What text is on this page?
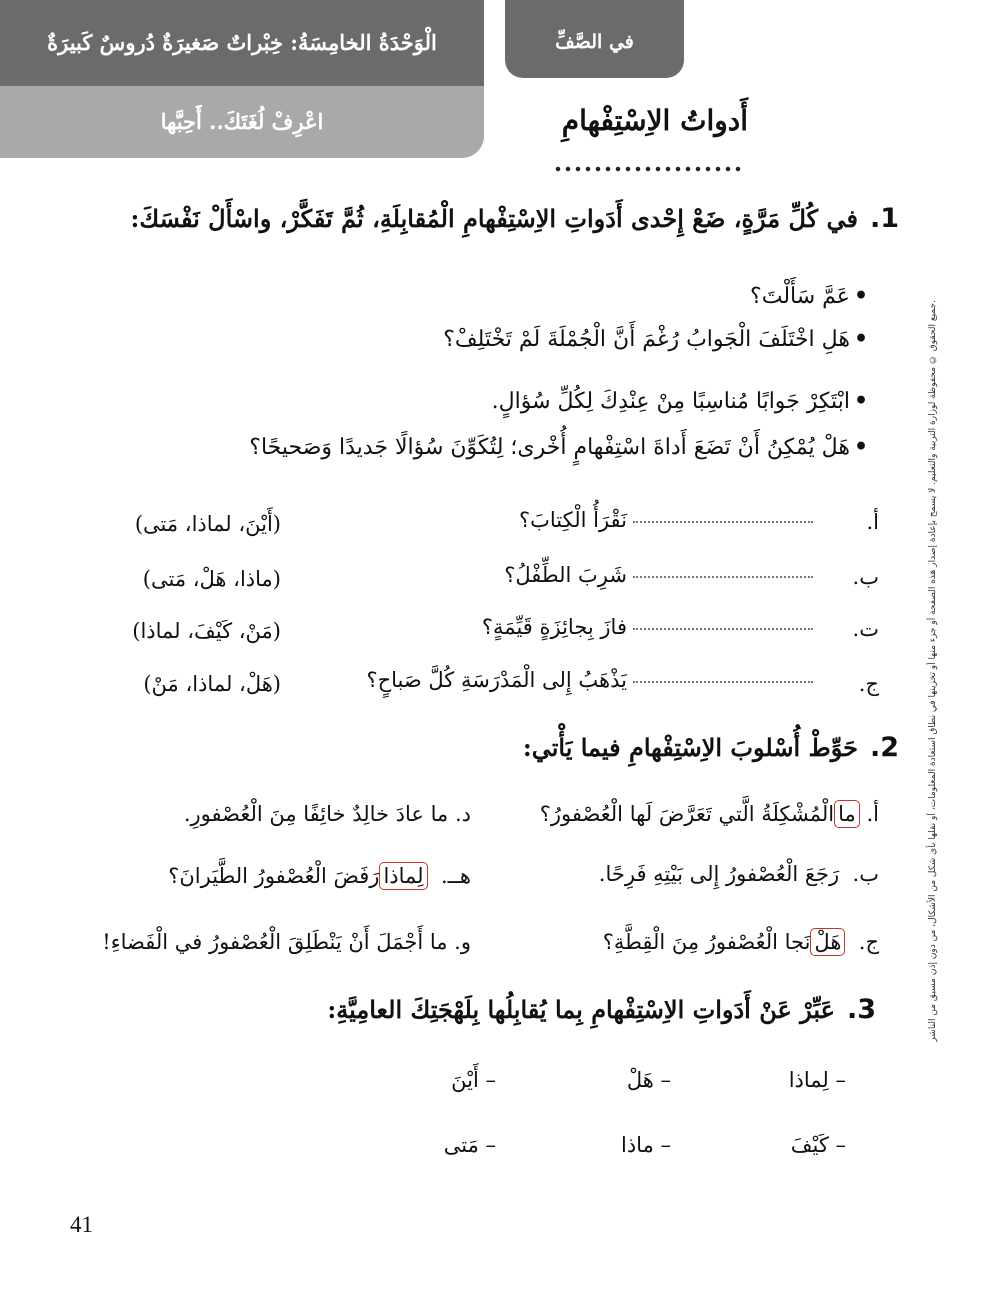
الْوَحْدَةُ الخامِسَةُ: خِبْراتٌ صَغيرَةٌ دُروسٌ كَبيرَةٌ	في الصَّفِّ
اعْرِفْ لُغَتَكَ.. أَحِبَّها	أَدواتُ الاِسْتِفْهامِ
1.في كُلِّ مَرَّةٍ، ضَعْ إِحْدى أَدَواتِ الاِسْتِفْهامِ الْمُقابِلَةِ، ثُمَّ تَفَكَّرْ، واسْأَلْ نَفْسَكَ:
•عَمَّ سَأَلْتَ؟
•هَلِ اخْتَلَفَ الْجَوابُ رُغْمَ أَنَّ الْجُمْلَةَ لَمْ تَخْتَلِفْ؟
•ابْتَكِرْ جَوابًا مُناسِبًا مِنْ عِنْدِكَ لِكُلِّ سُؤالٍ.
•هَلْ يُمْكِنُ أَنْ تَضَعَ أَداةَ اسْتِفْهامٍ أُخْرى؛ لِتُكَوِّنَ سُؤالًا جَديدًا وَصَحيحًا؟
أ.
نَقْرَأُ الْكِتابَ؟
(أَيْنَ، لماذا، مَتى)
ب.
شَرِبَ الطِّفْلُ؟
(ماذا، هَلْ، مَتى)
ت.
فازَ بِجائِزَةٍ قَيِّمَةٍ؟
(مَنْ، كَيْفَ، لماذا)
ج.
يَذْهَبُ إِلى الْمَدْرَسَةِ كُلَّ صَباحٍ؟
(هَلْ، لماذا، مَنْ)
2.حَوِّطْ أُسْلوبَ الاِسْتِفْهامِ فيما يَأْتي:
أ. ماالْمُشْكِلَةُ الَّتي تَعَرَّضَ لَها الْعُصْفورُ؟
د. ما عادَ خالِدٌ خائِفًا مِنَ الْعُصْفورِ.
ب.  رَجَعَ الْعُصْفورُ إِلى بَيْتِهِ فَرِحًا.
هــ.  لِماذارَفَضَ الْعُصْفورُ الطَّيَرانَ؟
ج.  هَلْنَجا الْعُصْفورُ مِنَ الْقِطَّةِ؟
و. ما أَجْمَلَ أَنْ يَنْطَلِقَ الْعُصْفورُ في الْفَضاءِ!
3.عَبِّرْ عَنْ أَدَواتِ الاِسْتِفْهامِ بِما يُقابِلُها بِلَهْجَتِكَ العامِيَّةِ:
– لِماذا
– هَلْ
– أَيْنَ
– كَيْفَ
– ماذا
– مَتى
جميع الحقوق © محفوظة لوزارة التربية والتعليم. لا يسمح بإعادة إصدار هذه الصفحة أو جزء منها أو تخزينها في نطاق استعادة المعلومات، أو نقلها بأي شكل من الأشكال، من دون إذن مسبق من الناشر.
41
